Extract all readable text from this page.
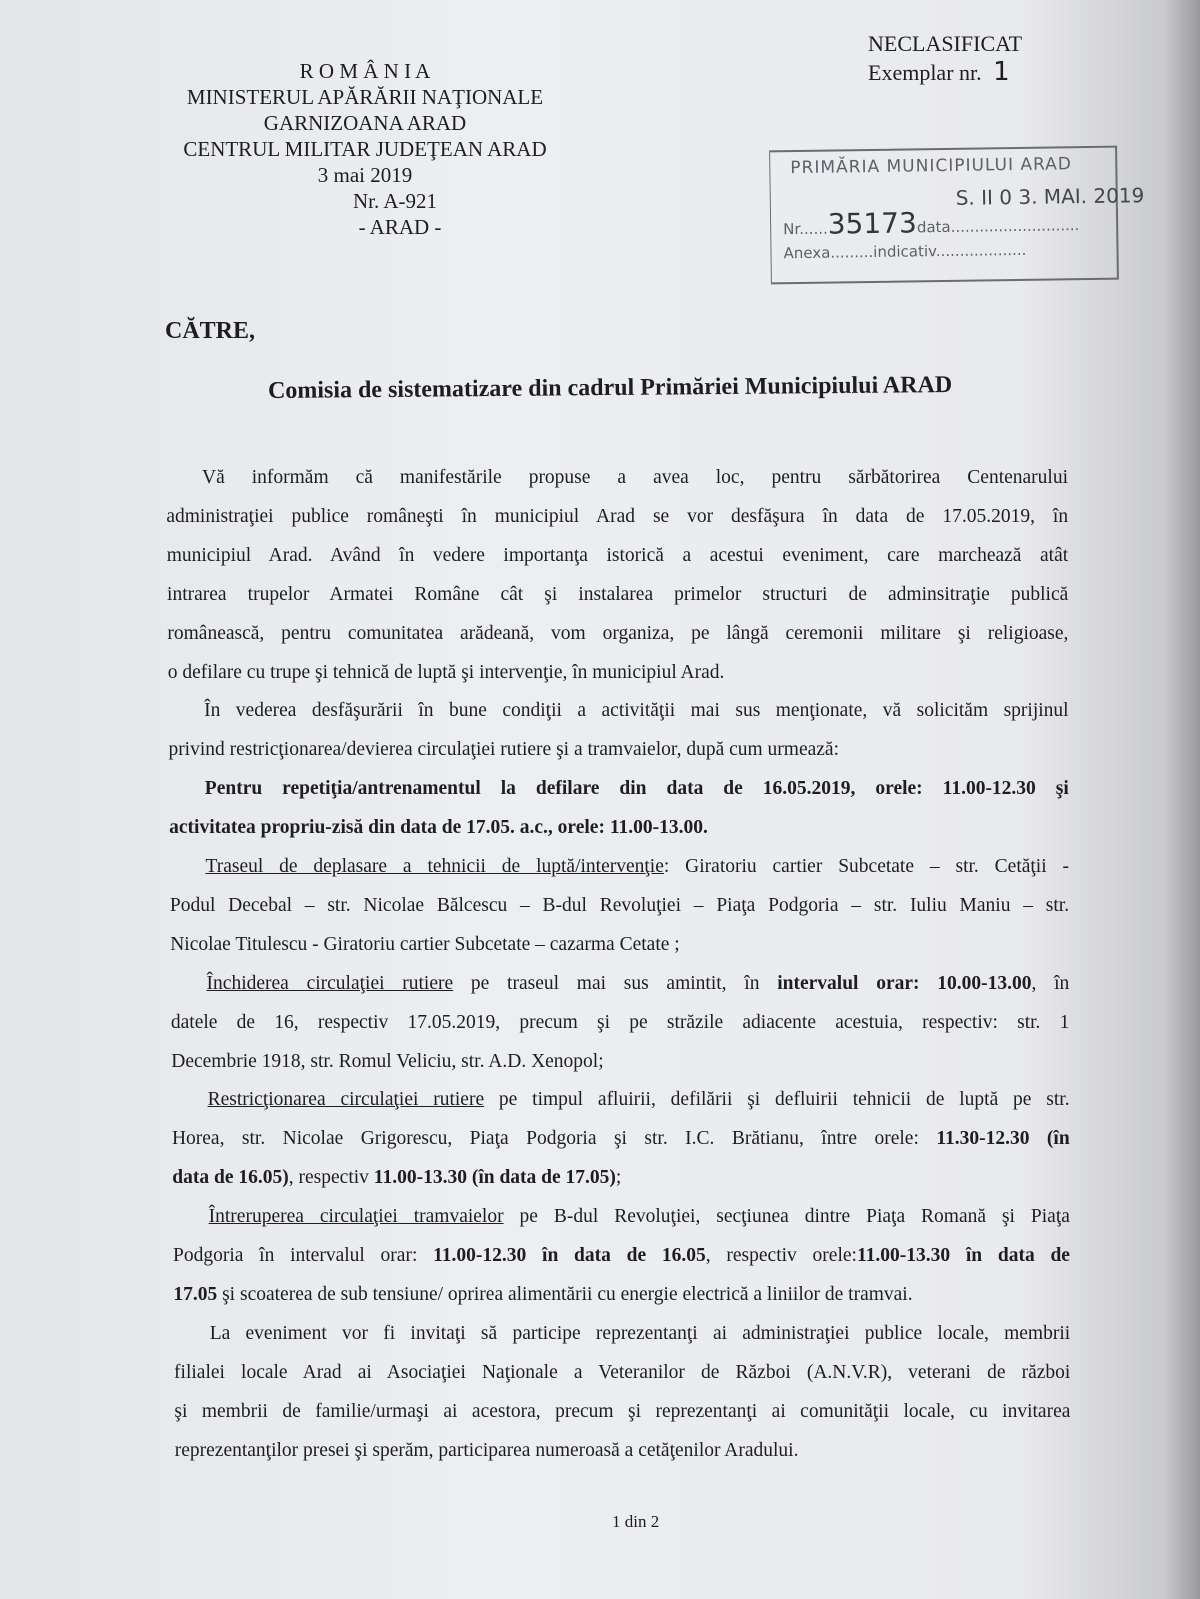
R O M Â N I A
MINISTERUL APĂRĂRII NAŢIONALE
GARNIZOANA ARAD
CENTRUL MILITAR JUDEŢEAN ARAD
3 mai 2019
Nr. A-921
- ARAD -
NECLASIFICAT
Exemplar nr. 1
PRIMĂRIA MUNICIPIULUI ARAD
S. II 0 3. MAI. 2019
Nr......35173data...........................
Anexa.........indicativ...................
CĂTRE,
Comisia de sistematizare din cadrul Primăriei Municipiului ARAD
Vă informăm că manifestările propuse a avea loc, pentru sărbătorirea Centenarului
administraţiei publice româneşti în municipiul Arad se vor desfăşura în data de 17.05.2019, în
municipiul Arad. Având în vedere importanţa istorică a acestui eveniment, care marchează atât
intrarea trupelor Armatei Române cât şi instalarea primelor structuri de adminsitraţie publică
românească, pentru comunitatea arădeană, vom organiza, pe lângă ceremonii militare şi religioase,
o defilare cu trupe şi tehnică de luptă şi intervenţie, în municipiul Arad.
În vederea desfăşurării în bune condiţii a activităţii mai sus menţionate, vă solicităm sprijinul
privind restricţionarea/devierea circulaţiei rutiere şi a tramvaielor, după cum urmează:
Pentru repetiţia/antrenamentul la defilare din data de 16.05.2019, orele: 11.00-12.30 şi
activitatea propriu-zisă din data de 17.05. a.c., orele: 11.00-13.00.
Traseul de deplasare a tehnicii de luptă/intervenţie: Giratoriu cartier Subcetate – str. Cetăţii -
Podul Decebal – str. Nicolae Bălcescu – B-dul Revoluţiei – Piaţa Podgoria – str. Iuliu Maniu – str.
Nicolae Titulescu - Giratoriu cartier Subcetate – cazarma Cetate ;
Închiderea circulaţiei rutiere pe traseul mai sus amintit, în intervalul orar: 10.00-13.00, în
datele de 16, respectiv 17.05.2019, precum şi pe străzile adiacente acestuia, respectiv: str. 1
Decembrie 1918, str. Romul Veliciu, str. A.D. Xenopol;
Restricţionarea circulaţiei rutiere pe timpul afluirii, defilării şi defluirii tehnicii de luptă pe str.
Horea, str. Nicolae Grigorescu, Piaţa Podgoria şi str. I.C. Brătianu, între orele: 11.30-12.30 (în
data de 16.05), respectiv 11.00-13.30 (în data de 17.05);
Întreruperea circulaţiei tramvaielor pe B-dul Revoluţiei, secţiunea dintre Piaţa Romană şi Piaţa
Podgoria în intervalul orar: 11.00-12.30 în data de 16.05, respectiv orele:11.00-13.30 în data de
17.05 şi scoaterea de sub tensiune/ oprirea alimentării cu energie electrică a liniilor de tramvai.
La eveniment vor fi invitaţi să participe reprezentanţi ai administraţiei publice locale, membrii
filialei locale Arad ai Asociaţiei Naţionale a Veteranilor de Război (A.N.V.R), veterani de război
şi membrii de familie/urmaşi ai acestora, precum şi reprezentanţi ai comunităţii locale, cu invitarea
reprezentanţilor presei şi sperăm, participarea numeroasă a cetăţenilor Aradului.
1 din 2
